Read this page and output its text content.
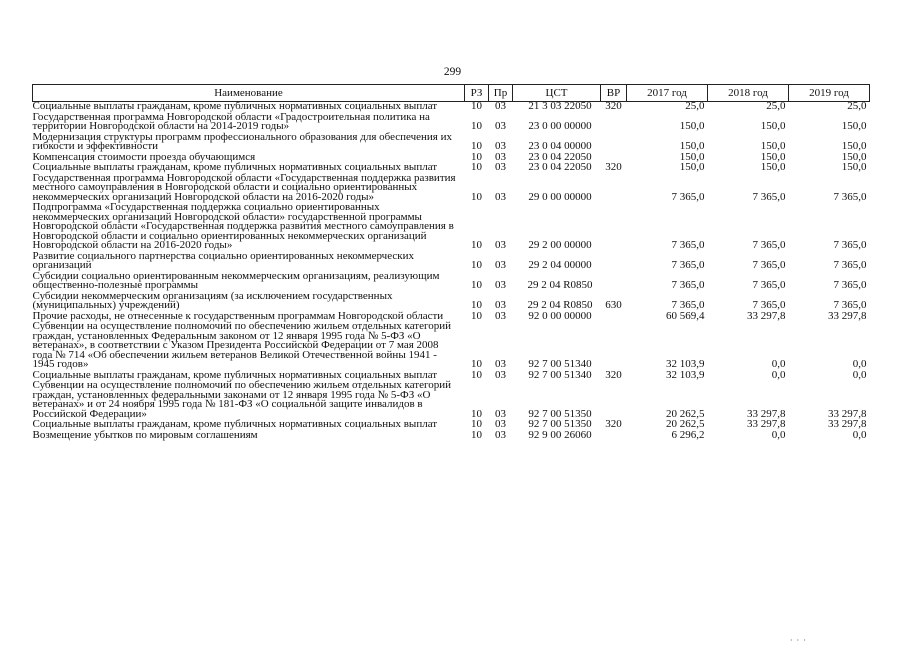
299
Наименование	РЗ	Пр	ЦСТ	ВР	2017 год	2018 год	2019 год
Социальные выплаты гражданам, кроме публичных нормативных социальных выплат	10	03	21 3 03 22050	320	25,0	25,0	25,0
Государственная программа Новгородской области «Градостроительная политика на территории Новгородской области на 2014-2019 годы»	10	03	23 0 00 00000		150,0	150,0	150,0
Модернизация структуры программ профессионального образования для обеспечения их гибкости и эффективности	10	03	23 0 04 00000		150,0	150,0	150,0
Компенсация стоимости проезда обучающимся	10	03	23 0 04 22050		150,0	150,0	150,0
Социальные выплаты гражданам, кроме публичных нормативных социальных выплат	10	03	23 0 04 22050	320	150,0	150,0	150,0
Государственная программа Новгородской области «Государственная поддержка развития местного самоуправления в Новгородской области и социально ориентированных некоммерческих организаций Новгородской области на 2016-2020 годы»	10	03	29 0 00 00000		7 365,0	7 365,0	7 365,0
Подпрограмма «Государственная поддержка социально ориентированных некоммерческих организаций Новгородской области» государственной программы Новгородской области «Государственная поддержка развития местного самоуправления в Новгородской области и социально ориентированных некоммерческих организаций Новгородской области на 2016-2020 годы»	10	03	29 2 00 00000		7 365,0	7 365,0	7 365,0
Развитие социального партнерства социально ориентированных некоммерческих организаций	10	03	29 2 04 00000		7 365,0	7 365,0	7 365,0
Субсидии социально ориентированным некоммерческим организациям, реализующим общественно-полезные программы	10	03	29 2 04 R0850		7 365,0	7 365,0	7 365,0
Субсидии некоммерческим организациям (за исключением государственных (муниципальных) учреждений)	10	03	29 2 04 R0850	630	7 365,0	7 365,0	7 365,0
Прочие расходы, не отнесенные к государственным программам Новгородской области	10	03	92 0 00 00000		60 569,4	33 297,8	33 297,8
Субвенции на осуществление полномочий по обеспечению жильем отдельных категорий граждан, установленных Федеральным законом от 12 января 1995 года № 5-ФЗ «О ветеранах», в соответствии с Указом Президента Российской Федерации от 7 мая 2008 года № 714 «Об обеспечении жильем ветеранов Великой Отечественной войны 1941 - 1945 годов»	10	03	92 7 00 51340		32 103,9	0,0	0,0
Социальные выплаты гражданам, кроме публичных нормативных социальных выплат	10	03	92 7 00 51340	320	32 103,9	0,0	0,0
Субвенции на осуществление полномочий по обеспечению жильем отдельных категорий граждан, установленных федеральными законами от 12 января 1995 года № 5-ФЗ «О ветеранах» и от 24 ноября 1995 года № 181-ФЗ «О социальной защите инвалидов в Российской Федерации»	10	03	92 7 00 51350		20 262,5	33 297,8	33 297,8
Социальные выплаты гражданам, кроме публичных нормативных социальных выплат	10	03	92 7 00 51350	320	20 262,5	33 297,8	33 297,8
Возмещение убытков по мировым соглашениям	10	03	92 9 00 26060		6 296,2	0,0	0,0
⸱ ⸱ ⸱
